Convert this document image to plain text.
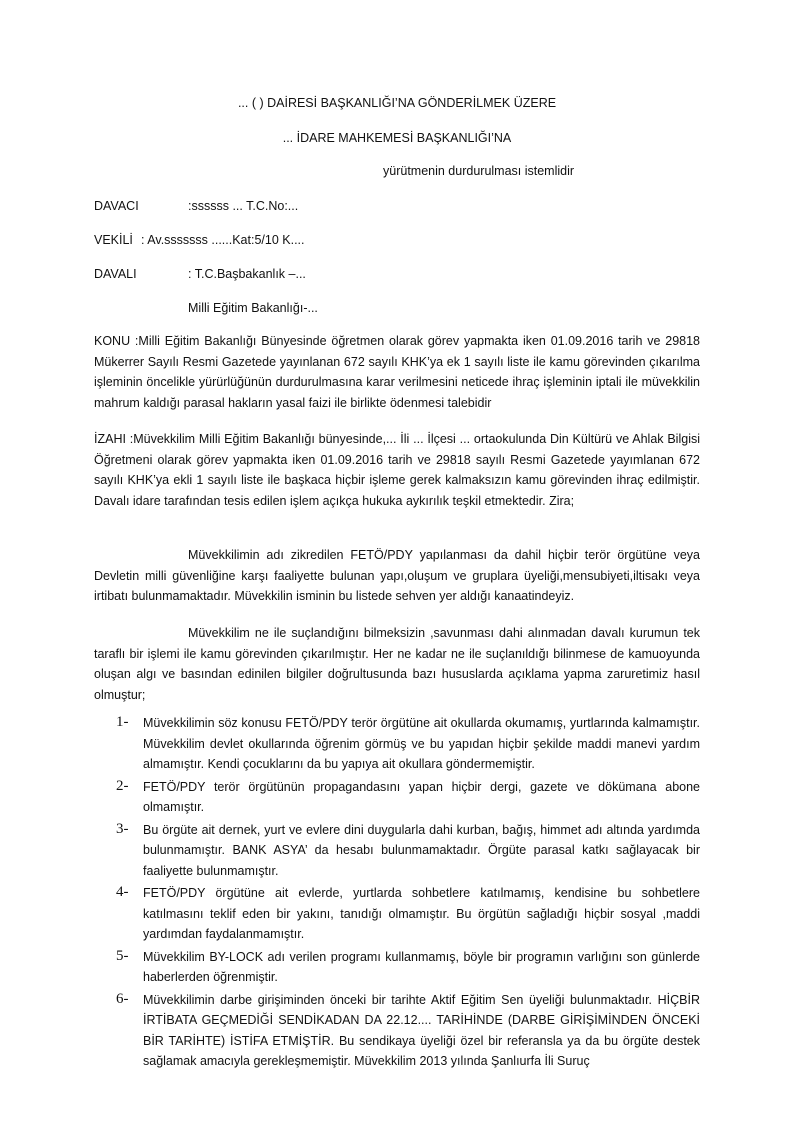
... ( ) DAİRESİ BAŞKANLIĞI’NA GÖNDERİLMEK ÜZERE
... İDARE MAHKEMESİ BAŞKANLIĞI’NA
yürütmenin durdurulması istemlidir
DAVACI	:ssssss ... T.C.No:...
VEKİLİ : Av.sssssss ......Kat:5/10 K....
DAVALI	: T.C.Başbakanlık –...
Milli Eğitim Bakanlığı-...
KONU :Milli Eğitim Bakanlığı Bünyesinde öğretmen olarak görev yapmakta iken 01.09.2016 tarih ve 29818 Mükerrer Sayılı Resmi Gazetede yayınlanan 672 sayılı KHK’ya ek 1 sayılı liste ile kamu görevinden çıkarılma işleminin öncelikle yürürlüğünün durdurulmasına karar verilmesini neticede ihraç işleminin iptali ile müvekkilin mahrum kaldığı parasal hakların yasal faizi ile birlikte ödenmesi talebidir
İZAHI :Müvekkilim Milli Eğitim Bakanlığı bünyesinde,... İli ... İlçesi ... ortaokulunda Din Kültürü ve Ahlak Bilgisi Öğretmeni olarak görev yapmakta iken 01.09.2016 tarih ve 29818 sayılı Resmi Gazetede yayımlanan 672 sayılı KHK’ya ekli 1 sayılı liste ile başkaca hiçbir işleme gerek kalmaksızın kamu görevinden ihraç edilmiştir. Davalı idare tarafından tesis edilen işlem açıkça hukuka aykırılık teşkil etmektedir. Zira;
Müvekkilimin adı zikredilen FETÖ/PDY yapılanması da dahil hiçbir terör örgütüne veya Devletin milli güvenliğine karşı faaliyette bulunan yapı,oluşum ve gruplara üyeliği,mensubiyeti,iltisakı veya irtibatı bulunmamaktadır. Müvekkilin isminin bu listede sehven yer aldığı kanaatindeyiz.
Müvekkilim ne ile suçlandığını bilmeksizin ,savunması dahi alınmadan davalı kurumun tek taraflı bir işlemi ile kamu görevinden çıkarılmıştır. Her ne kadar ne ile suçlanıldığı bilinmese de kamuoyunda oluşan algı ve basından edinilen bilgiler doğrultusunda bazı hususlarda açıklama yapma zaruretimiz hasıl olmuştur;
1- Müvekkilimin söz konusu FETÖ/PDY terör örgütüne ait okullarda okumamış, yurtlarında kalmamıştır. Müvekkilim devlet okullarında öğrenim görmüş ve bu yapıdan hiçbir şekilde maddi manevi yardım almamıştır. Kendi çocuklarını da bu yapıya ait okullara göndermemiştir.
2- FETÖ/PDY terör örgütünün propagandasını yapan hiçbir dergi, gazete ve dökümana abone olmamıştır.
3- Bu örgüte ait dernek, yurt ve evlere dini duygularla dahi kurban, bağış, himmet adı altında yardımda bulunmamıştır. BANK ASYA’ da hesabı bulunmamaktadır. Örgüte parasal katkı sağlayacak bir faaliyette bulunmamıştır.
4- FETÖ/PDY örgütüne ait evlerde, yurtlarda sohbetlere katılmamış, kendisine bu sohbetlere katılmasını teklif eden bir yakını, tanıdığı olmamıştır. Bu örgütün sağladığı hiçbir sosyal ,maddi yardımdan faydalanmamıştır.
5- Müvekkilim BY-LOCK adı verilen programı kullanmamış, böyle bir programın varlığını son günlerde haberlerden öğrenmiştir.
6- Müvekkilimin darbe girişiminden önceki bir tarihte Aktif Eğitim Sen üyeliği bulunmaktadır. HİÇBİR İRTİBATA GEÇMEDİĞİ SENDİKADAN DA 22.12.... TARİHİNDE (DARBE GİRİŞİMİNDEN ÖNCEKİ BİR TARİHTE) İSTİFA ETMİŞTİR. Bu sendikaya üyeliği özel bir referansla ya da bu örgüte destek sağlamak amacıyla gerekleşmemiştir. Müvekkilim 2013 yılında Şanlıurfa İli Suruç
